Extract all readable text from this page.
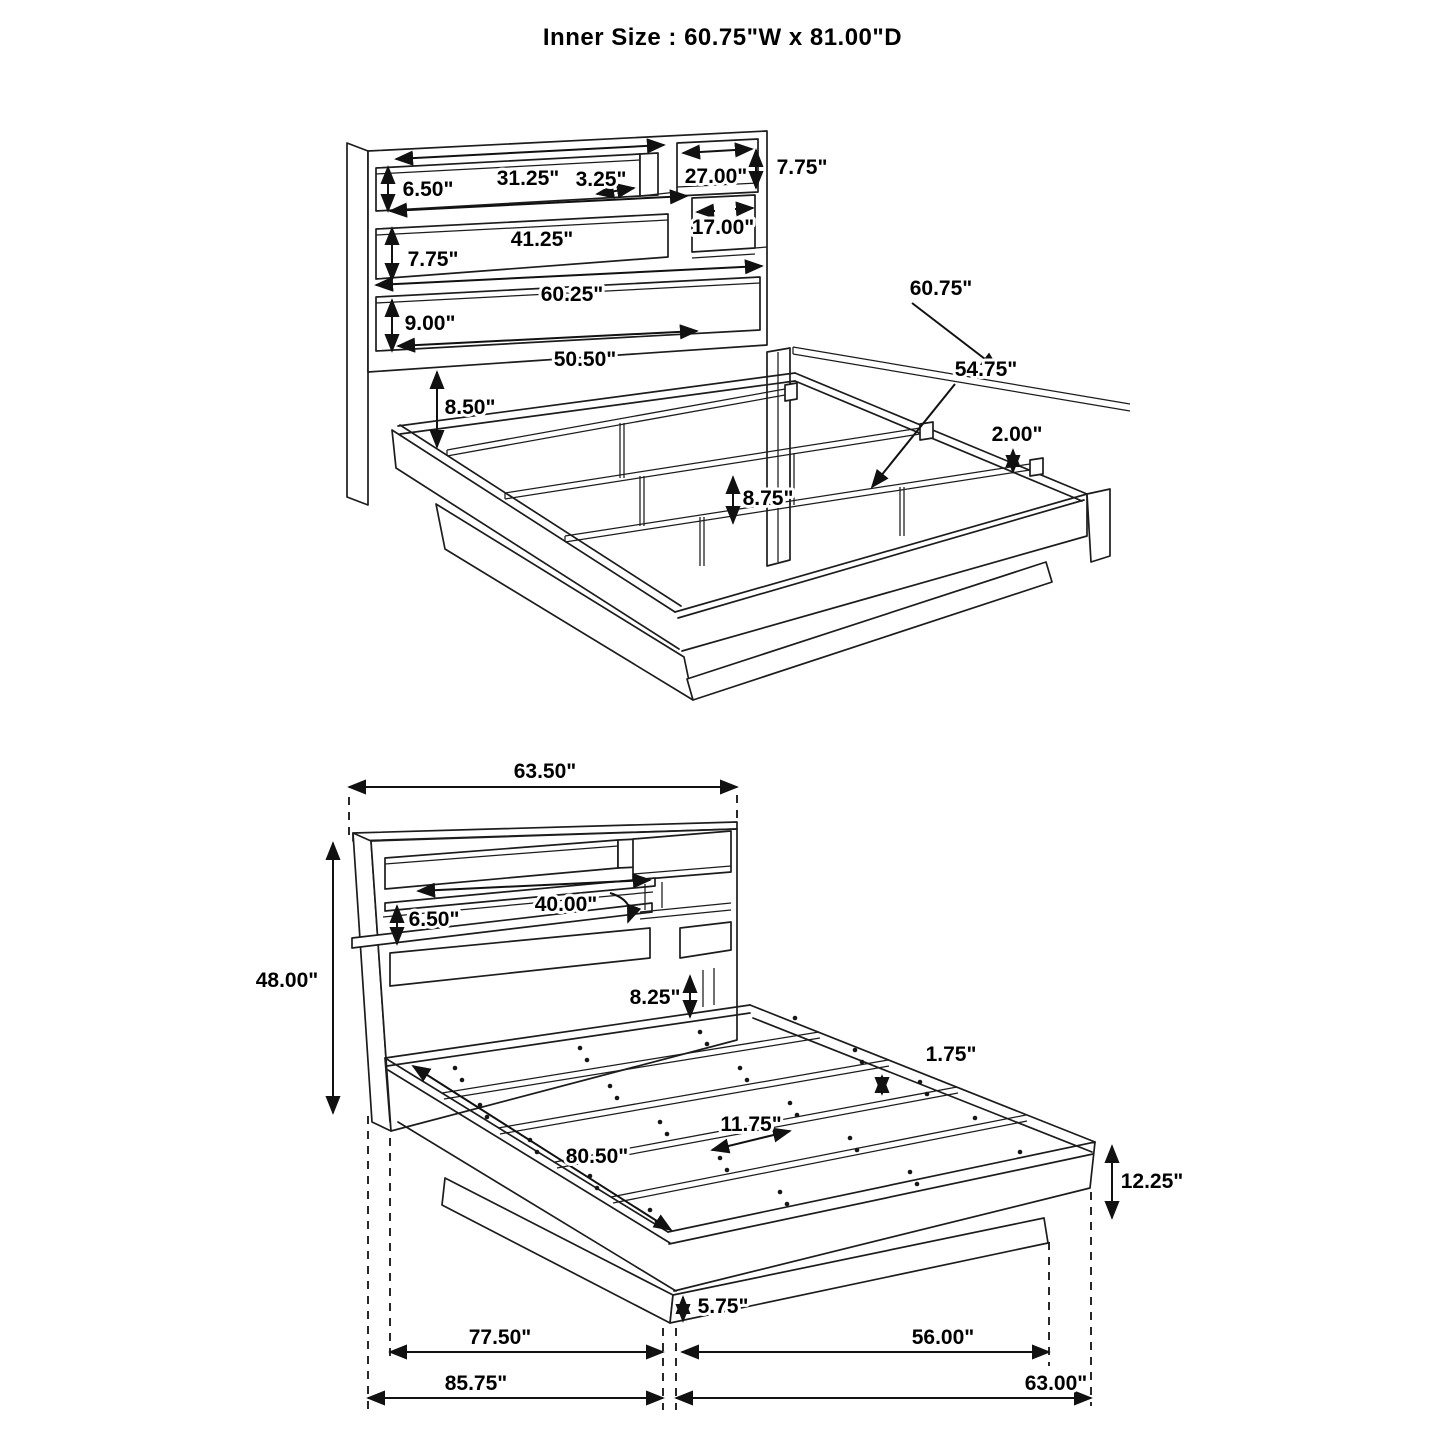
Inner Size : 60.75"W x 81.00"D
6.50" 31.25" 3.25"	27.00" 7.75"
41.25"
17.00"
7.75"
60.25"
9.00"
50.50"
8.50"
60.75"
54.75"
2.00"
8.75"
63.50"
48.00"
6.50"
40.00"
8.25"
1.75"
11.75"
80.50"
12.25"
5.75"
77.50"	56.00"
85.75"	63.00"
